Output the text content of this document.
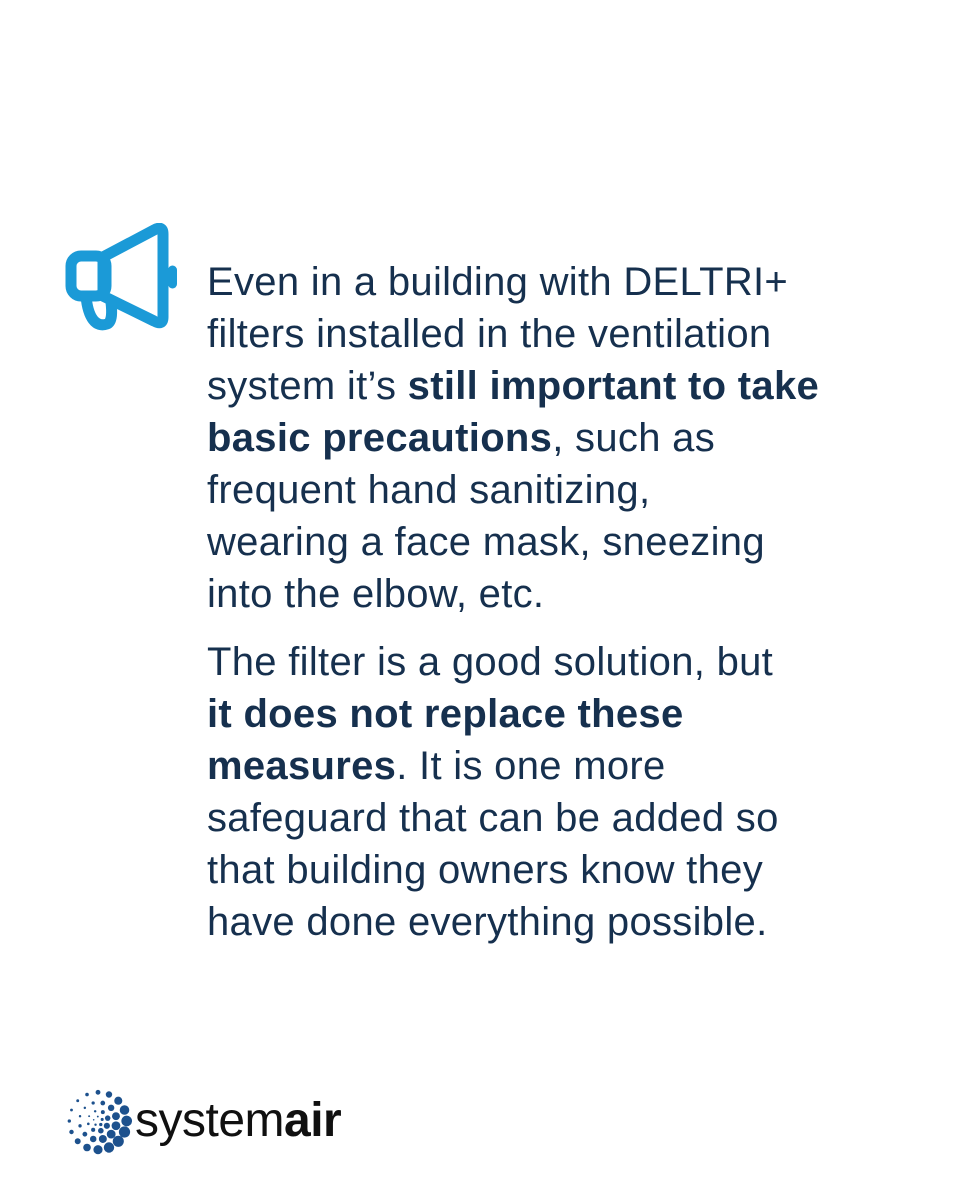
Even in a building with DELTRI+
filters installed in the ventilation
system it’s still important to take
basic precautions, such as
frequent hand sanitizing,
wearing a face mask, sneezing
into the elbow, etc.
The filter is a good solution, but
it does not replace these
measures. It is one more
safeguard that can be added so
that building owners know they
have done everything possible.
systemair
